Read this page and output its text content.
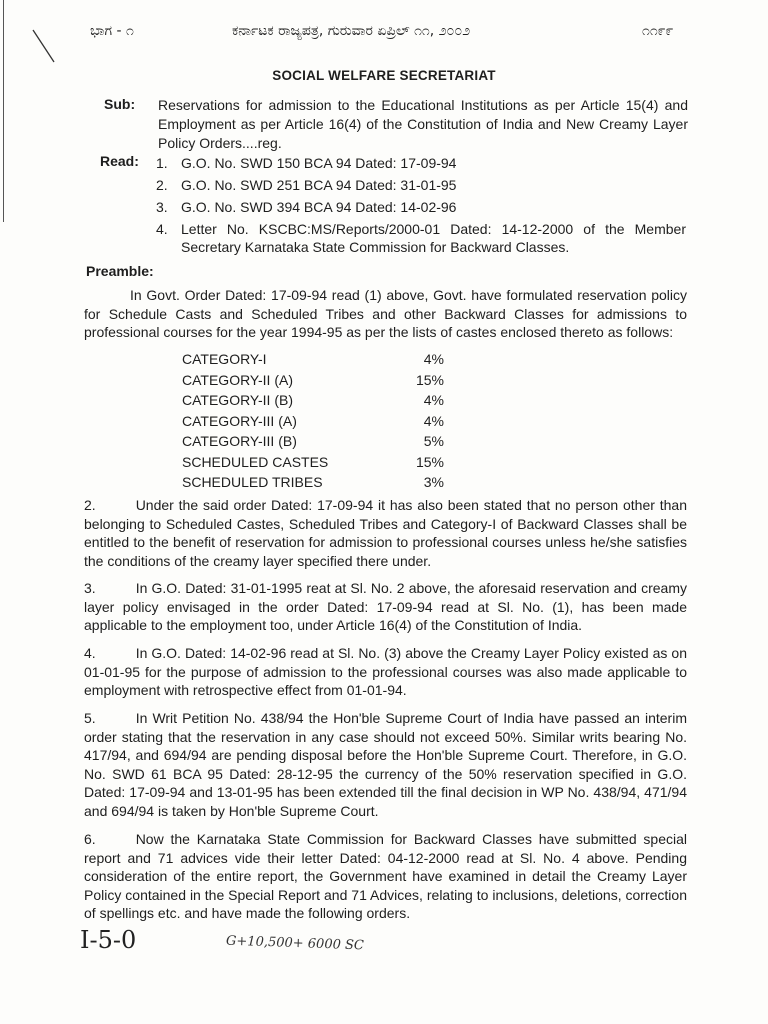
ಭಾಗ - ೧	ಕರ್ನಾಟಕ ರಾಜ್ಯಪತ್ರ, ಗುರುವಾರ ಏಪ್ರಿಲ್ ೧೧, ೨೦೦೨	೧೧೯೯
SOCIAL WELFARE SECRETARIAT
Sub: Reservations for admission to the Educational Institutions as per Article 15(4) and Employment as per Article 16(4) of the Constitution of India and New Creamy Layer Policy Orders....reg.
Read: 1. G.O. No. SWD 150 BCA 94 Dated: 17-09-94
2. G.O. No. SWD 251 BCA 94 Dated: 31-01-95
3. G.O. No. SWD 394 BCA 94 Dated: 14-02-96
4. Letter No. KSCBC:MS/Reports/2000-01 Dated: 14-12-2000 of the Member Secretary Karnataka State Commission for Backward Classes.
Preamble:
In Govt. Order Dated: 17-09-94 read (1) above, Govt. have formulated reservation policy for Schedule Casts and Scheduled Tribes and other Backward Classes for admissions to professional courses for the year 1994-95 as per the lists of castes enclosed thereto as follows:
CATEGORY-I	4%
CATEGORY-II (A)	15%
CATEGORY-II (B)	4%
CATEGORY-III (A)	4%
CATEGORY-III (B)	5%
SCHEDULED CASTES	15%
SCHEDULED TRIBES	3%
2.	Under the said order Dated: 17-09-94 it has also been stated that no person other than belonging to Scheduled Castes, Scheduled Tribes and Category-I of Backward Classes shall be entitled to the benefit of reservation for admission to professional courses unless he/she satisfies the conditions of the creamy layer specified there under.
3.	In G.O. Dated: 31-01-1995 reat at Sl. No. 2 above, the aforesaid reservation and creamy layer policy envisaged in the order Dated: 17-09-94 read at Sl. No. (1), has been made applicable to the employment too, under Article 16(4) of the Constitution of India.
4.	In G.O. Dated: 14-02-96 read at Sl. No. (3) above the Creamy Layer Policy existed as on 01-01-95 for the purpose of admission to the professional courses was also made applicable to employment with retrospective effect from 01-01-94.
5.	In Writ Petition No. 438/94 the Hon'ble Supreme Court of India have passed an interim order stating that the reservation in any case should not exceed 50%. Similar writs bearing No. 417/94, and 694/94 are pending disposal before the Hon'ble Supreme Court. Therefore, in G.O. No. SWD 61 BCA 95 Dated: 28-12-95 the currency of the 50% reservation specified in G.O. Dated: 17-09-94 and 13-01-95 has been extended till the final decision in WP No. 438/94, 471/94 and 694/94 is taken by Hon'ble Supreme Court.
6.	Now the Karnataka State Commission for Backward Classes have submitted special report and 71 advices vide their letter Dated: 04-12-2000 read at Sl. No. 4 above. Pending consideration of the entire report, the Government have examined in detail the Creamy Layer Policy contained in the Special Report and 71 Advices, relating to inclusions, deletions, correction of spellings etc. and have made the following orders.
I-5-0	G+10,500+ 6000 SC
